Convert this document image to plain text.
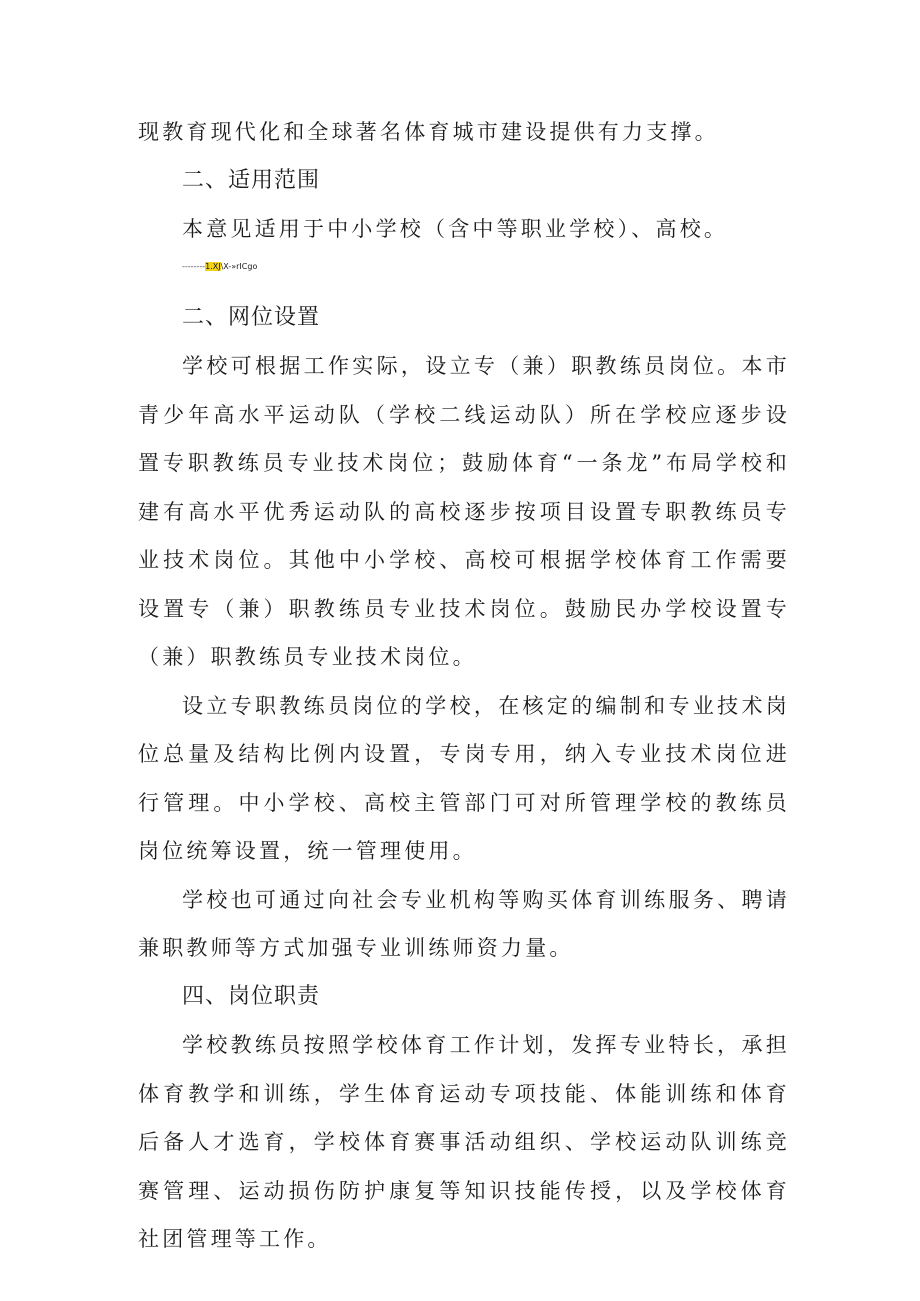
现教育现代化和全球著名体育城市建设提供有力支撑。

二、适用范围

本意见适用于中小学校（含中等职业学校）、高校。

--------1.XJ\X-»rICgo
二、网位设置

学校可根据工作实际，设立专（兼）职教练员岗位。本市青少年高水平运动队（学校二线运动队）所在学校应逐步设置专职教练员专业技术岗位；鼓励体育“一条龙”布局学校和建有高水平优秀运动队的高校逐步按项目设置专职教练员专业技术岗位。其他中小学校、高校可根据学校体育工作需要设置专（兼）职教练员专业技术岗位。鼓励民办学校设置专（兼）职教练员专业技术岗位。

设立专职教练员岗位的学校，在核定的编制和专业技术岗位总量及结构比例内设置，专岗专用，纳入专业技术岗位进行管理。中小学校、高校主管部门可对所管理学校的教练员岗位统筹设置，统一管理使用。

学校也可通过向社会专业机构等购买体育训练服务、聘请兼职教师等方式加强专业训练师资力量。

四、岗位职责

学校教练员按照学校体育工作计划，发挥专业特长，承担体育教学和训练，学生体育运动专项技能、体能训练和体育后备人才选育，学校体育赛事活动组织、学校运动队训练竞赛管理、运动损伤防护康复等知识技能传授，以及学校体育社团管理等工作。
